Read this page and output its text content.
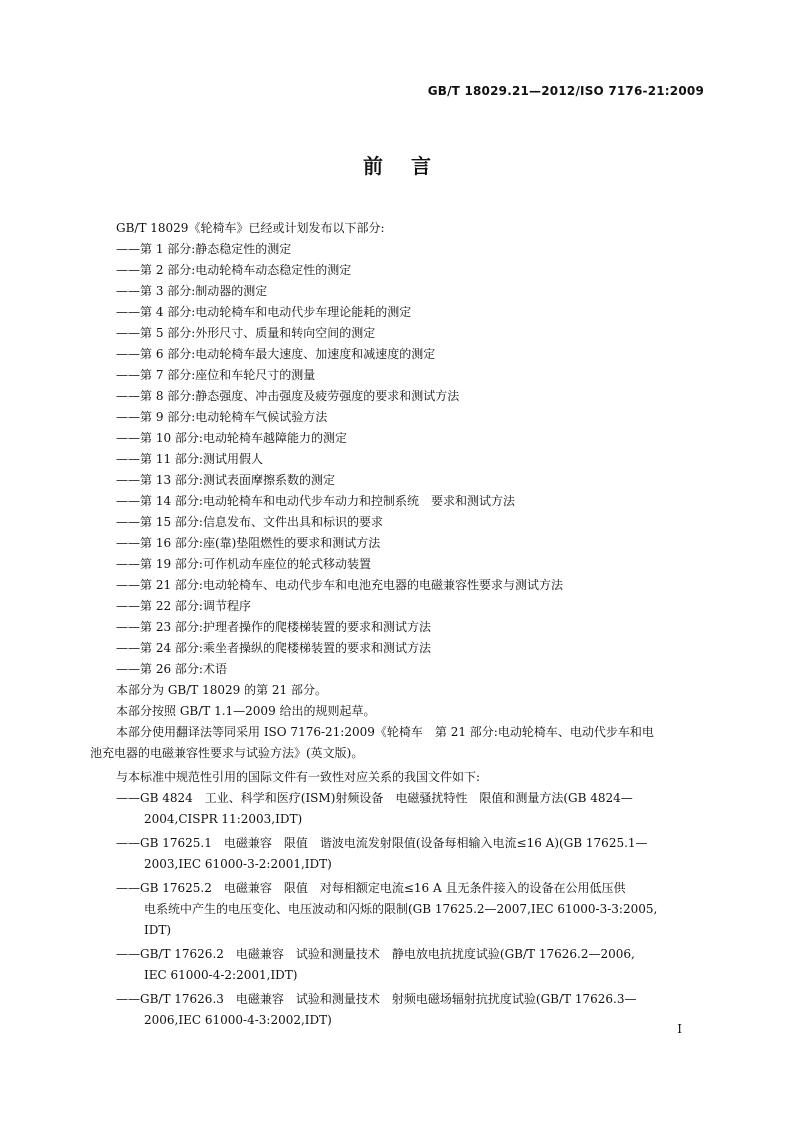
GB/T 18029.21—2012/ISO 7176-21:2009
前言
GB/T 18029《轮椅车》已经或计划发布以下部分:
——第 1 部分:静态稳定性的测定
——第 2 部分:电动轮椅车动态稳定性的测定
——第 3 部分:制动器的测定
——第 4 部分:电动轮椅车和电动代步车理论能耗的测定
——第 5 部分:外形尺寸、质量和转向空间的测定
——第 6 部分:电动轮椅车最大速度、加速度和减速度的测定
——第 7 部分:座位和车轮尺寸的测量
——第 8 部分:静态强度、冲击强度及疲劳强度的要求和测试方法
——第 9 部分:电动轮椅车气候试验方法
——第 10 部分:电动轮椅车越障能力的测定
——第 11 部分:测试用假人
——第 13 部分:测试表面摩擦系数的测定
——第 14 部分:电动轮椅车和电动代步车动力和控制系统　要求和测试方法
——第 15 部分:信息发布、文件出具和标识的要求
——第 16 部分:座(靠)垫阻燃性的要求和测试方法
——第 19 部分:可作机动车座位的轮式移动装置
——第 21 部分:电动轮椅车、电动代步车和电池充电器的电磁兼容性要求与测试方法
——第 22 部分:调节程序
——第 23 部分:护理者操作的爬楼梯装置的要求和测试方法
——第 24 部分:乘坐者操纵的爬楼梯装置的要求和测试方法
——第 26 部分:术语
本部分为 GB/T 18029 的第 21 部分。
本部分按照 GB/T 1.1—2009 给出的规则起草。
本部分使用翻译法等同采用 ISO 7176-21:2009《轮椅车　第 21 部分:电动轮椅车、电动代步车和电
池充电器的电磁兼容性要求与试验方法》(英文版)。
与本标准中规范性引用的国际文件有一致性对应关系的我国文件如下:
——GB 4824　工业、科学和医疗(ISM)射频设备　电磁骚扰特性　限值和测量方法(GB 4824—
2004,CISPR 11:2003,IDT)
——GB 17625.1　电磁兼容　限值　谐波电流发射限值(设备每相输入电流≤16 A)(GB 17625.1—
2003,IEC 61000-3-2:2001,IDT)
——GB 17625.2　电磁兼容　限值　对每相额定电流≤16 A 且无条件接入的设备在公用低压供
电系统中产生的电压变化、电压波动和闪烁的限制(GB 17625.2—2007,IEC 61000-3-3:2005,
IDT)
——GB/T 17626.2　电磁兼容　试验和测量技术　静电放电抗扰度试验(GB/T 17626.2—2006,
IEC 61000-4-2:2001,IDT)
——GB/T 17626.3　电磁兼容　试验和测量技术　射频电磁场辐射抗扰度试验(GB/T 17626.3—
2006,IEC 61000-4-3:2002,IDT)
I
